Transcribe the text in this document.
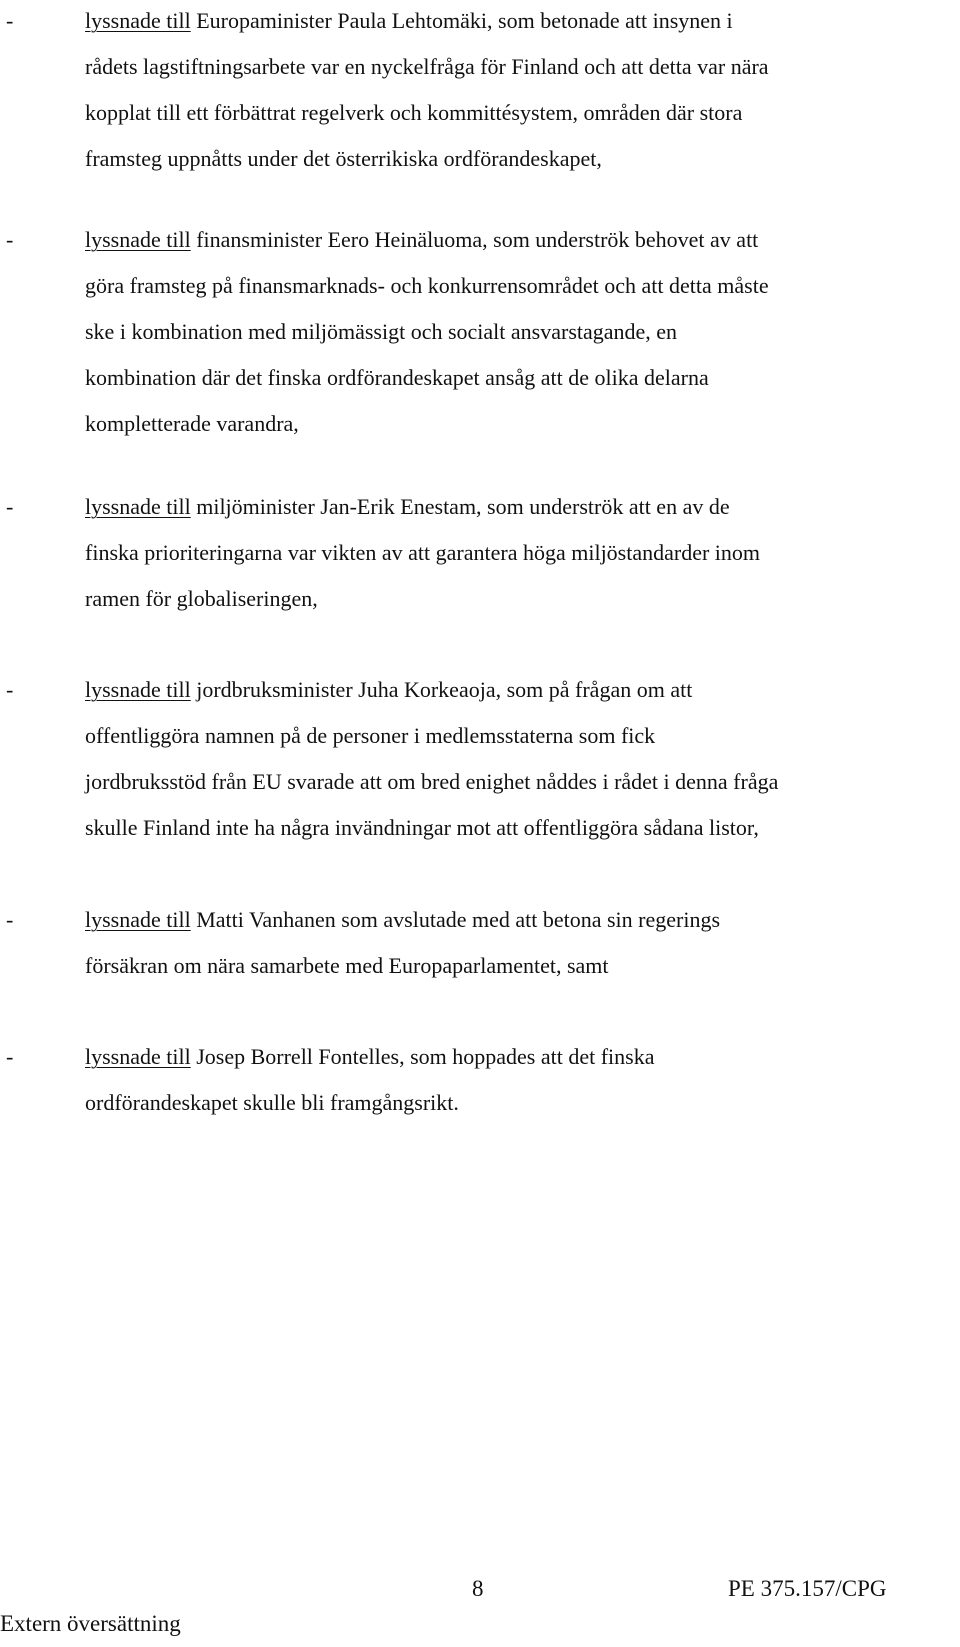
-	lyssnade till Europaminister Paula Lehtomäki, som betonade att insynen i
rådets lagstiftningsarbete var en nyckelfråga för Finland och att detta var nära
kopplat till ett förbättrat regelverk och kommittésystem, områden där stora
framsteg uppnåtts under det österrikiska ordförandeskapet,
-	lyssnade till finansminister Eero Heinäluoma, som underströk behovet av att
göra framsteg på finansmarknads- och konkurrensområdet och att detta måste
ske i kombination med miljömässigt och socialt ansvarstagande, en
kombination där det finska ordförandeskapet ansåg att de olika delarna
kompletterade varandra,
-	lyssnade till miljöminister Jan-Erik Enestam, som underströk att en av de
finska prioriteringarna var vikten av att garantera höga miljöstandarder inom
ramen för globaliseringen,
-	lyssnade till jordbruksminister Juha Korkeaoja, som på frågan om att
offentliggöra namnen på de personer i medlemsstaterna som fick
jordbruksstöd från EU svarade att om bred enighet nåddes i rådet i denna fråga
skulle Finland inte ha några invändningar mot att offentliggöra sådana listor,
-	lyssnade till Matti Vanhanen som avslutade med att betona sin regerings
försäkran om nära samarbete med Europaparlamentet, samt
-	lyssnade till Josep Borrell Fontelles, som hoppades att det finska
ordförandeskapet skulle bli framgångsrikt.
8	PE 375.157/CPG
Extern översättning
